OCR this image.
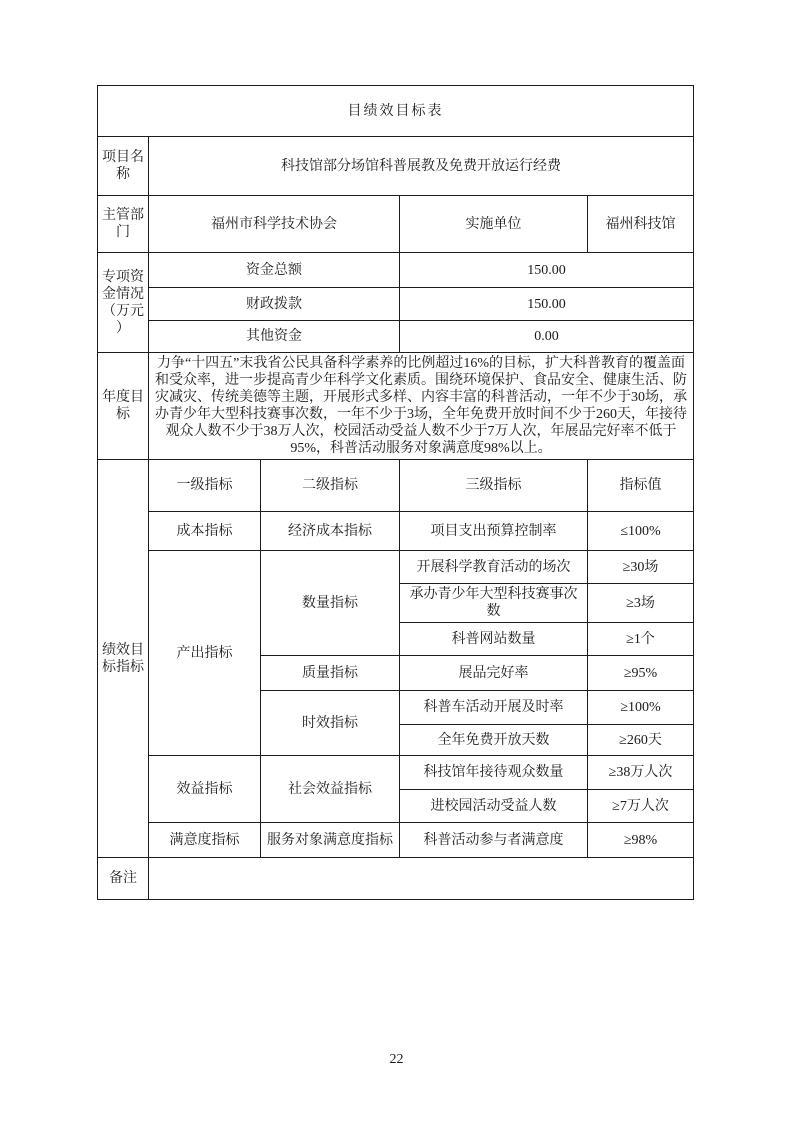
目绩效目标表				
项目名称	科技馆部分场馆科普展教及免费开放运行经费			
主管部门	福州市科学技术协会		实施单位	福州科技馆
专项资金情况（万元）	资金总额		150.00	
	财政拨款		150.00	
	其他资金		0.00	
年度目标	力争“十四五”末我省公民具备科学素养的比例超过16%的目标，扩大科普教育的覆盖面和受众率，进一步提高青少年科学文化素质。围绕环境保护、食品安全、健康生活、防灾减灾、传统美德等主题，开展形式多样、内容丰富的科普活动，一年不少于30场，承办青少年大型科技赛事次数，一年不少于3场，全年免费开放时间不少于260天，年接待观众人数不少于38万人次，校园活动受益人数不少于7万人次，年展品完好率不低于95%，科普活动服务对象满意度98%以上。			
绩效目标指标	一级指标	二级指标	三级指标	指标值
	成本指标	经济成本指标	项目支出预算控制率	≤100%
	产出指标	数量指标	开展科学教育活动的场次	≥30场
			承办青少年大型科技赛事次数	≥3场
			科普网站数量	≥1个
		质量指标	展品完好率	≥95%
		时效指标	科普车活动开展及时率	≥100%
			全年免费开放天数	≥260天
	效益指标	社会效益指标	科技馆年接待观众数量	≥38万人次
			进校园活动受益人数	≥7万人次
	满意度指标	服务对象满意度指标	科普活动参与者满意度	≥98%
备注				
22
